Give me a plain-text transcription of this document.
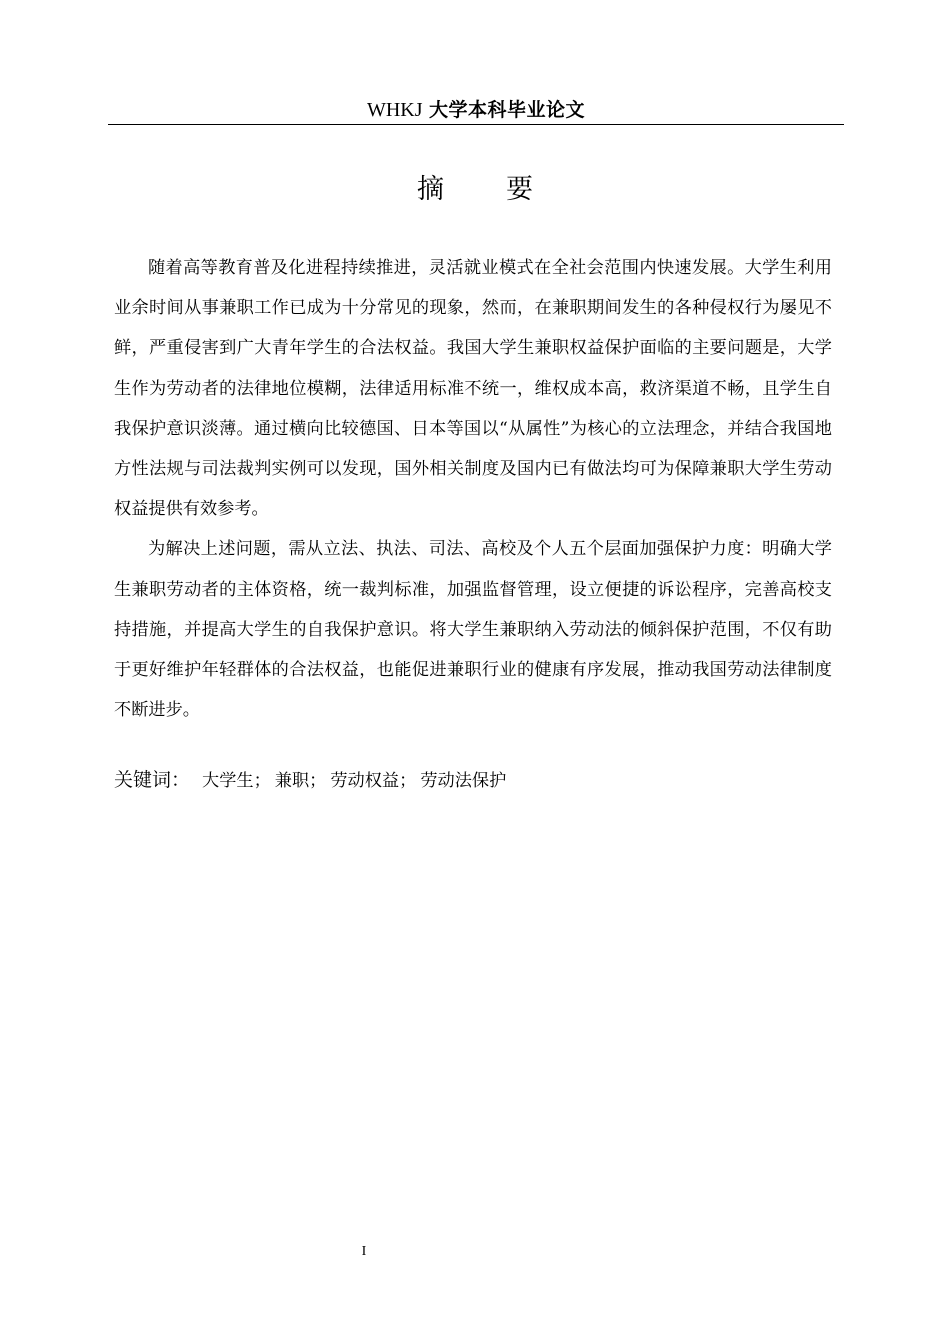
WHKJ 大学本科毕业论文
摘要

随着高等教育普及化进程持续推进，灵活就业模式在全社会范围内快速发展。大学生利用业余时间从事兼职工作已成为十分常见的现象，然而，在兼职期间发生的各种侵权行为屡见不鲜，严重侵害到广大青年学生的合法权益。我国大学生兼职权益保护面临的主要问题是，大学生作为劳动者的法律地位模糊，法律适用标准不统一，维权成本高，救济渠道不畅，且学生自我保护意识淡薄。通过横向比较德国、日本等国以“从属性”为核心的立法理念，并结合我国地方性法规与司法裁判实例可以发现，国外相关制度及国内已有做法均可为保障兼职大学生劳动权益提供有效参考。

为解决上述问题，需从立法、执法、司法、高校及个人五个层面加强保护力度：明确大学生兼职劳动者的主体资格，统一裁判标准，加强监督管理，设立便捷的诉讼程序，完善高校支持措施，并提高大学生的自我保护意识。将大学生兼职纳入劳动法的倾斜保护范围，不仅有助于更好维护年轻群体的合法权益，也能促进兼职行业的健康有序发展，推动我国劳动法律制度不断进步。

关键词： 大学生； 兼职； 劳动权益； 劳动法保护
I
